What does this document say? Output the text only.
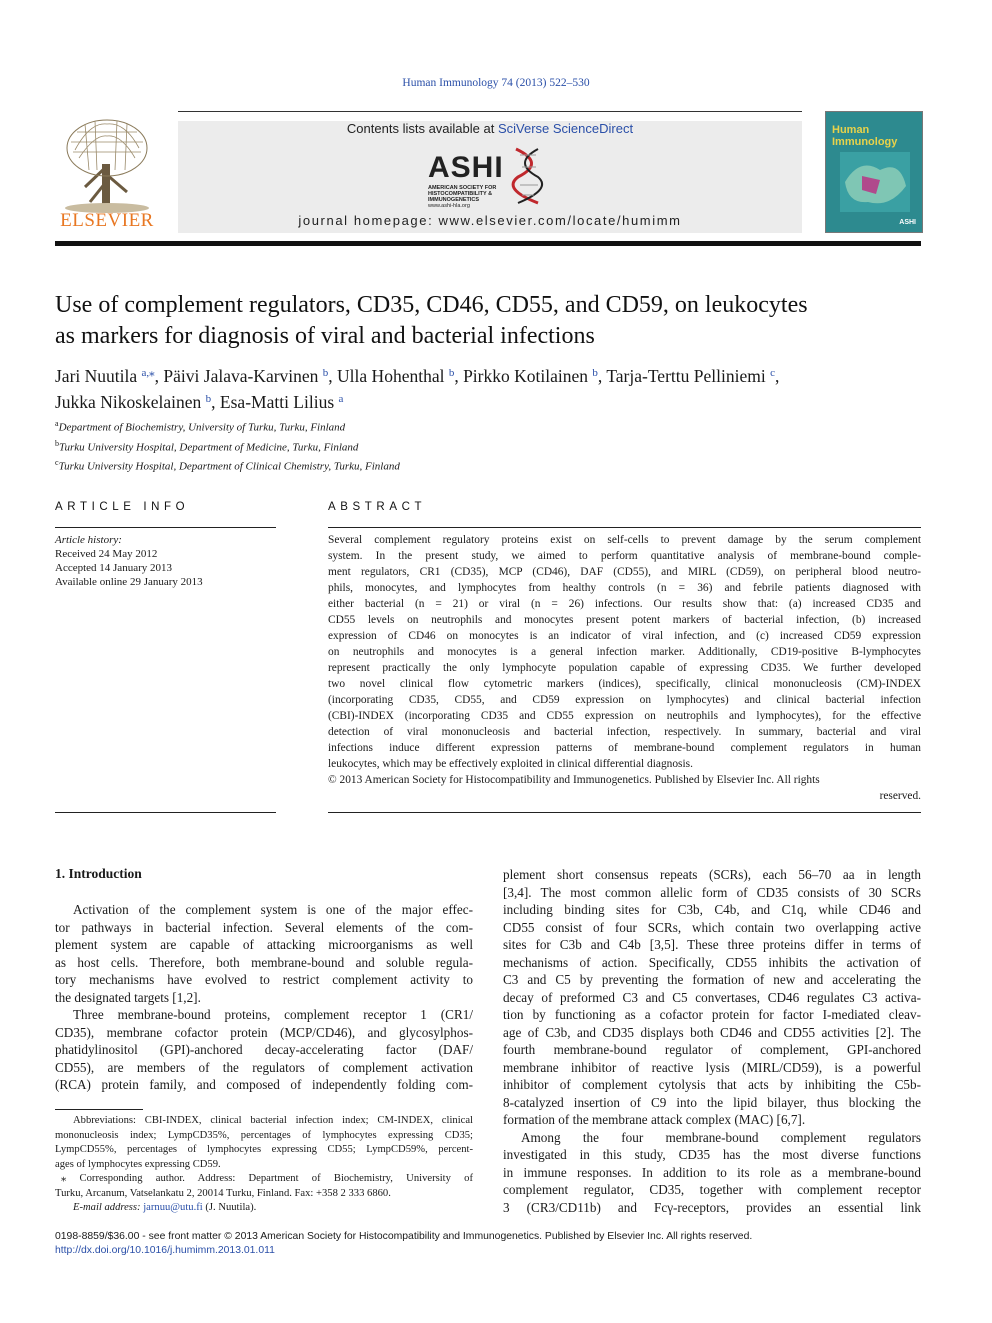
Human Immunology 74 (2013) 522–530
ELSEVIER
Contents lists available at SciVerse ScienceDirect
ASHI
AMERICAN SOCIETY FOR
HISTOCOMPATIBILITY &
IMMUNOGENETICS
www.ashi-hla.org
journal homepage: www.elsevier.com/locate/humimm
Human
Immunology
ASHI
Use of complement regulators, CD35, CD46, CD55, and CD59, on leukocytes
as markers for diagnosis of viral and bacterial infections
Jari Nuutila $^{a,⁎}$, Päivi Jalava-Karvinen $^b$, Ulla Hohenthal $^b$, Pirkko Kotilainen $^b$, Tarja-Terttu Pelliniemi $^c$,
Jukka Nikoskelainen $^b$, Esa-Matti Lilius $^a$
$^a$Department of Biochemistry, University of Turku, Turku, Finland
$^b$Turku University Hospital, Department of Medicine, Turku, Finland
$^c$Turku University Hospital, Department of Clinical Chemistry, Turku, Finland
ARTICLE INFO
Article history:
Received 24 May 2012
Accepted 14 January 2013
Available online 29 January 2013
ABSTRACT
Several complement regulatory proteins exist on self-cells to prevent damage by the serum complement
system. In the present study, we aimed to perform quantitative analysis of membrane-bound comple-
ment regulators, CR1 (CD35), MCP (CD46), DAF (CD55), and MIRL (CD59), on peripheral blood neutro-
phils, monocytes, and lymphocytes from healthy controls (n = 36) and febrile patients diagnosed with
either bacterial (n = 21) or viral (n = 26) infections. Our results show that: (a) increased CD35 and
CD55 levels on neutrophils and monocytes present potent markers of bacterial infection, (b) increased
expression of CD46 on monocytes is an indicator of viral infection, and (c) increased CD59 expression
on neutrophils and monocytes is a general infection marker. Additionally, CD19-positive B-lymphocytes
represent practically the only lymphocyte population capable of expressing CD35. We further developed
two novel clinical flow cytometric markers (indices), specifically, clinical mononucleosis (CM)-INDEX
(incorporating CD35, CD55, and CD59 expression on lymphocytes) and clinical bacterial infection
(CBI)-INDEX (incorporating CD35 and CD55 expression on neutrophils and lymphocytes), for the effective
detection of viral mononucleosis and bacterial infection, respectively. In summary, bacterial and viral
infections induce different expression patterns of membrane-bound complement regulators in human
leukocytes, which may be effectively exploited in clinical differential diagnosis.
© 2013 American Society for Histocompatibility and Immunogenetics. Published by Elsevier Inc. All rights
reserved.
1. Introduction
Activation of the complement system is one of the major effec-
tor pathways in bacterial infection. Several elements of the com-
plement system are capable of attacking microorganisms as well
as host cells. Therefore, both membrane-bound and soluble regula-
tory mechanisms have evolved to restrict complement activity to
the designated targets [1,2].
Three membrane-bound proteins, complement receptor 1 (CR1/
CD35), membrane cofactor protein (MCP/CD46), and glycosylphos-
phatidylinositol (GPI)-anchored decay-accelerating factor (DAF/
CD55), are members of the regulators of complement activation
(RCA) protein family, and composed of independently folding com-
plement short consensus repeats (SCRs), each 56–70 aa in length
[3,4]. The most common allelic form of CD35 consists of 30 SCRs
including binding sites for C3b, C4b, and C1q, while CD46 and
CD55 consist of four SCRs, which contain two overlapping active
sites for C3b and C4b [3,5]. These three proteins differ in terms of
mechanisms of action. Specifically, CD55 inhibits the activation of
C3 and C5 by preventing the formation of new and accelerating the
decay of preformed C3 and C5 convertases, CD46 regulates C3 activa-
tion by functioning as a cofactor protein for factor I-mediated cleav-
age of C3b, and CD35 displays both CD46 and CD55 activities [2]. The
fourth membrane-bound regulator of complement, GPI-anchored
membrane inhibitor of reactive lysis (MIRL/CD59), is a powerful
inhibitor of complement cytolysis that acts by inhibiting the C5b-
8-catalyzed insertion of C9 into the lipid bilayer, thus blocking the
formation of the membrane attack complex (MAC) [6,7].
Among the four membrane-bound complement regulators
investigated in this study, CD35 has the most diverse functions
in immune responses. In addition to its role as a membrane-bound
complement regulator, CD35, together with complement receptor
3 (CR3/CD11b) and Fcγ-receptors, provides an essential link
Abbreviations: CBI-INDEX, clinical bacterial infection index; CM-INDEX, clinical
mononucleosis index; LympCD35%, percentages of lymphocytes expressing CD35;
LympCD55%, percentages of lymphocytes expressing CD55; LympCD59%, percent-
ages of lymphocytes expressing CD59.
⁎ Corresponding author. Address: Department of Biochemistry, University of
Turku, Arcanum, Vatselankatu 2, 20014 Turku, Finland. Fax: +358 2 333 6860.
E-mail address: jarnuu@utu.fi (J. Nuutila).
0198-8859/$36.00 - see front matter © 2013 American Society for Histocompatibility and Immunogenetics. Published by Elsevier Inc. All rights reserved.
http://dx.doi.org/10.1016/j.humimm.2013.01.011
